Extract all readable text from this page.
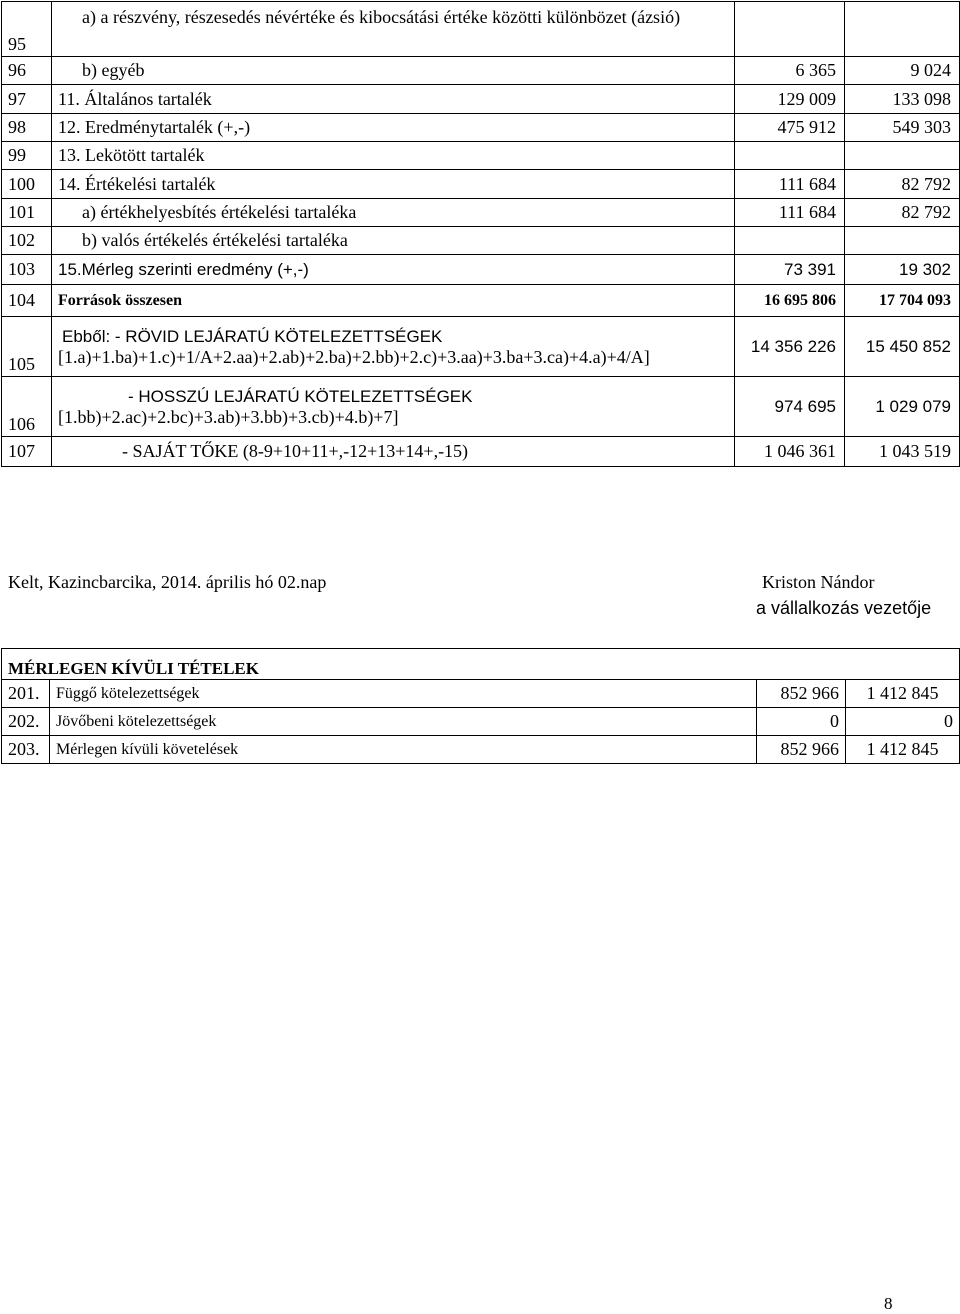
95	a) a részvény, részesedés névértéke és kibocsátási értéke közötti különbözet (ázsió)		
96	b) egyéb	6 365	9 024
97	11. Általános tartalék	129 009	133 098
98	12. Eredménytartalék (+,-)	475 912	549 303
99	13. Lekötött tartalék		
100	14. Értékelési tartalék	111 684	82 792
101	a) értékhelyesbítés értékelési tartaléka	111 684	82 792
102	b) valós értékelés értékelési tartaléka		
103	15.Mérleg szerinti eredmény (+,-)	73 391	19 302
104	Források összesen	16 695 806	17 704 093
105	Ebből: - RÖVID LEJÁRATÚ KÖTELEZETTSÉGEK
[1.a)+1.ba)+1.c)+1/A+2.aa)+2.ab)+2.ba)+2.bb)+2.c)+3.aa)+3.ba+3.ca)+4.a)+4/A]	14 356 226	15 450 852
106	- HOSSZÚ LEJÁRATÚ KÖTELEZETTSÉGEK
[1.bb)+2.ac)+2.bc)+3.ab)+3.bb)+3.cb)+4.b)+7]	974 695	1 029 079
107	- SAJÁT TŐKE (8-9+10+11+,-12+13+14+,-15)	1 046 361	1 043 519
Kelt, Kazincbarcika, 2014. április hó 02.nap	Kriston Nándor
a vállalkozás vezetője
MÉRLEGEN KÍVÜLI TÉTELEK			
201.	Függő kötelezettségek	852 966	1 412 845
202.	Jövőbeni kötelezettségek	0	0
203.	Mérlegen kívüli követelések	852 966	1 412 845
8
